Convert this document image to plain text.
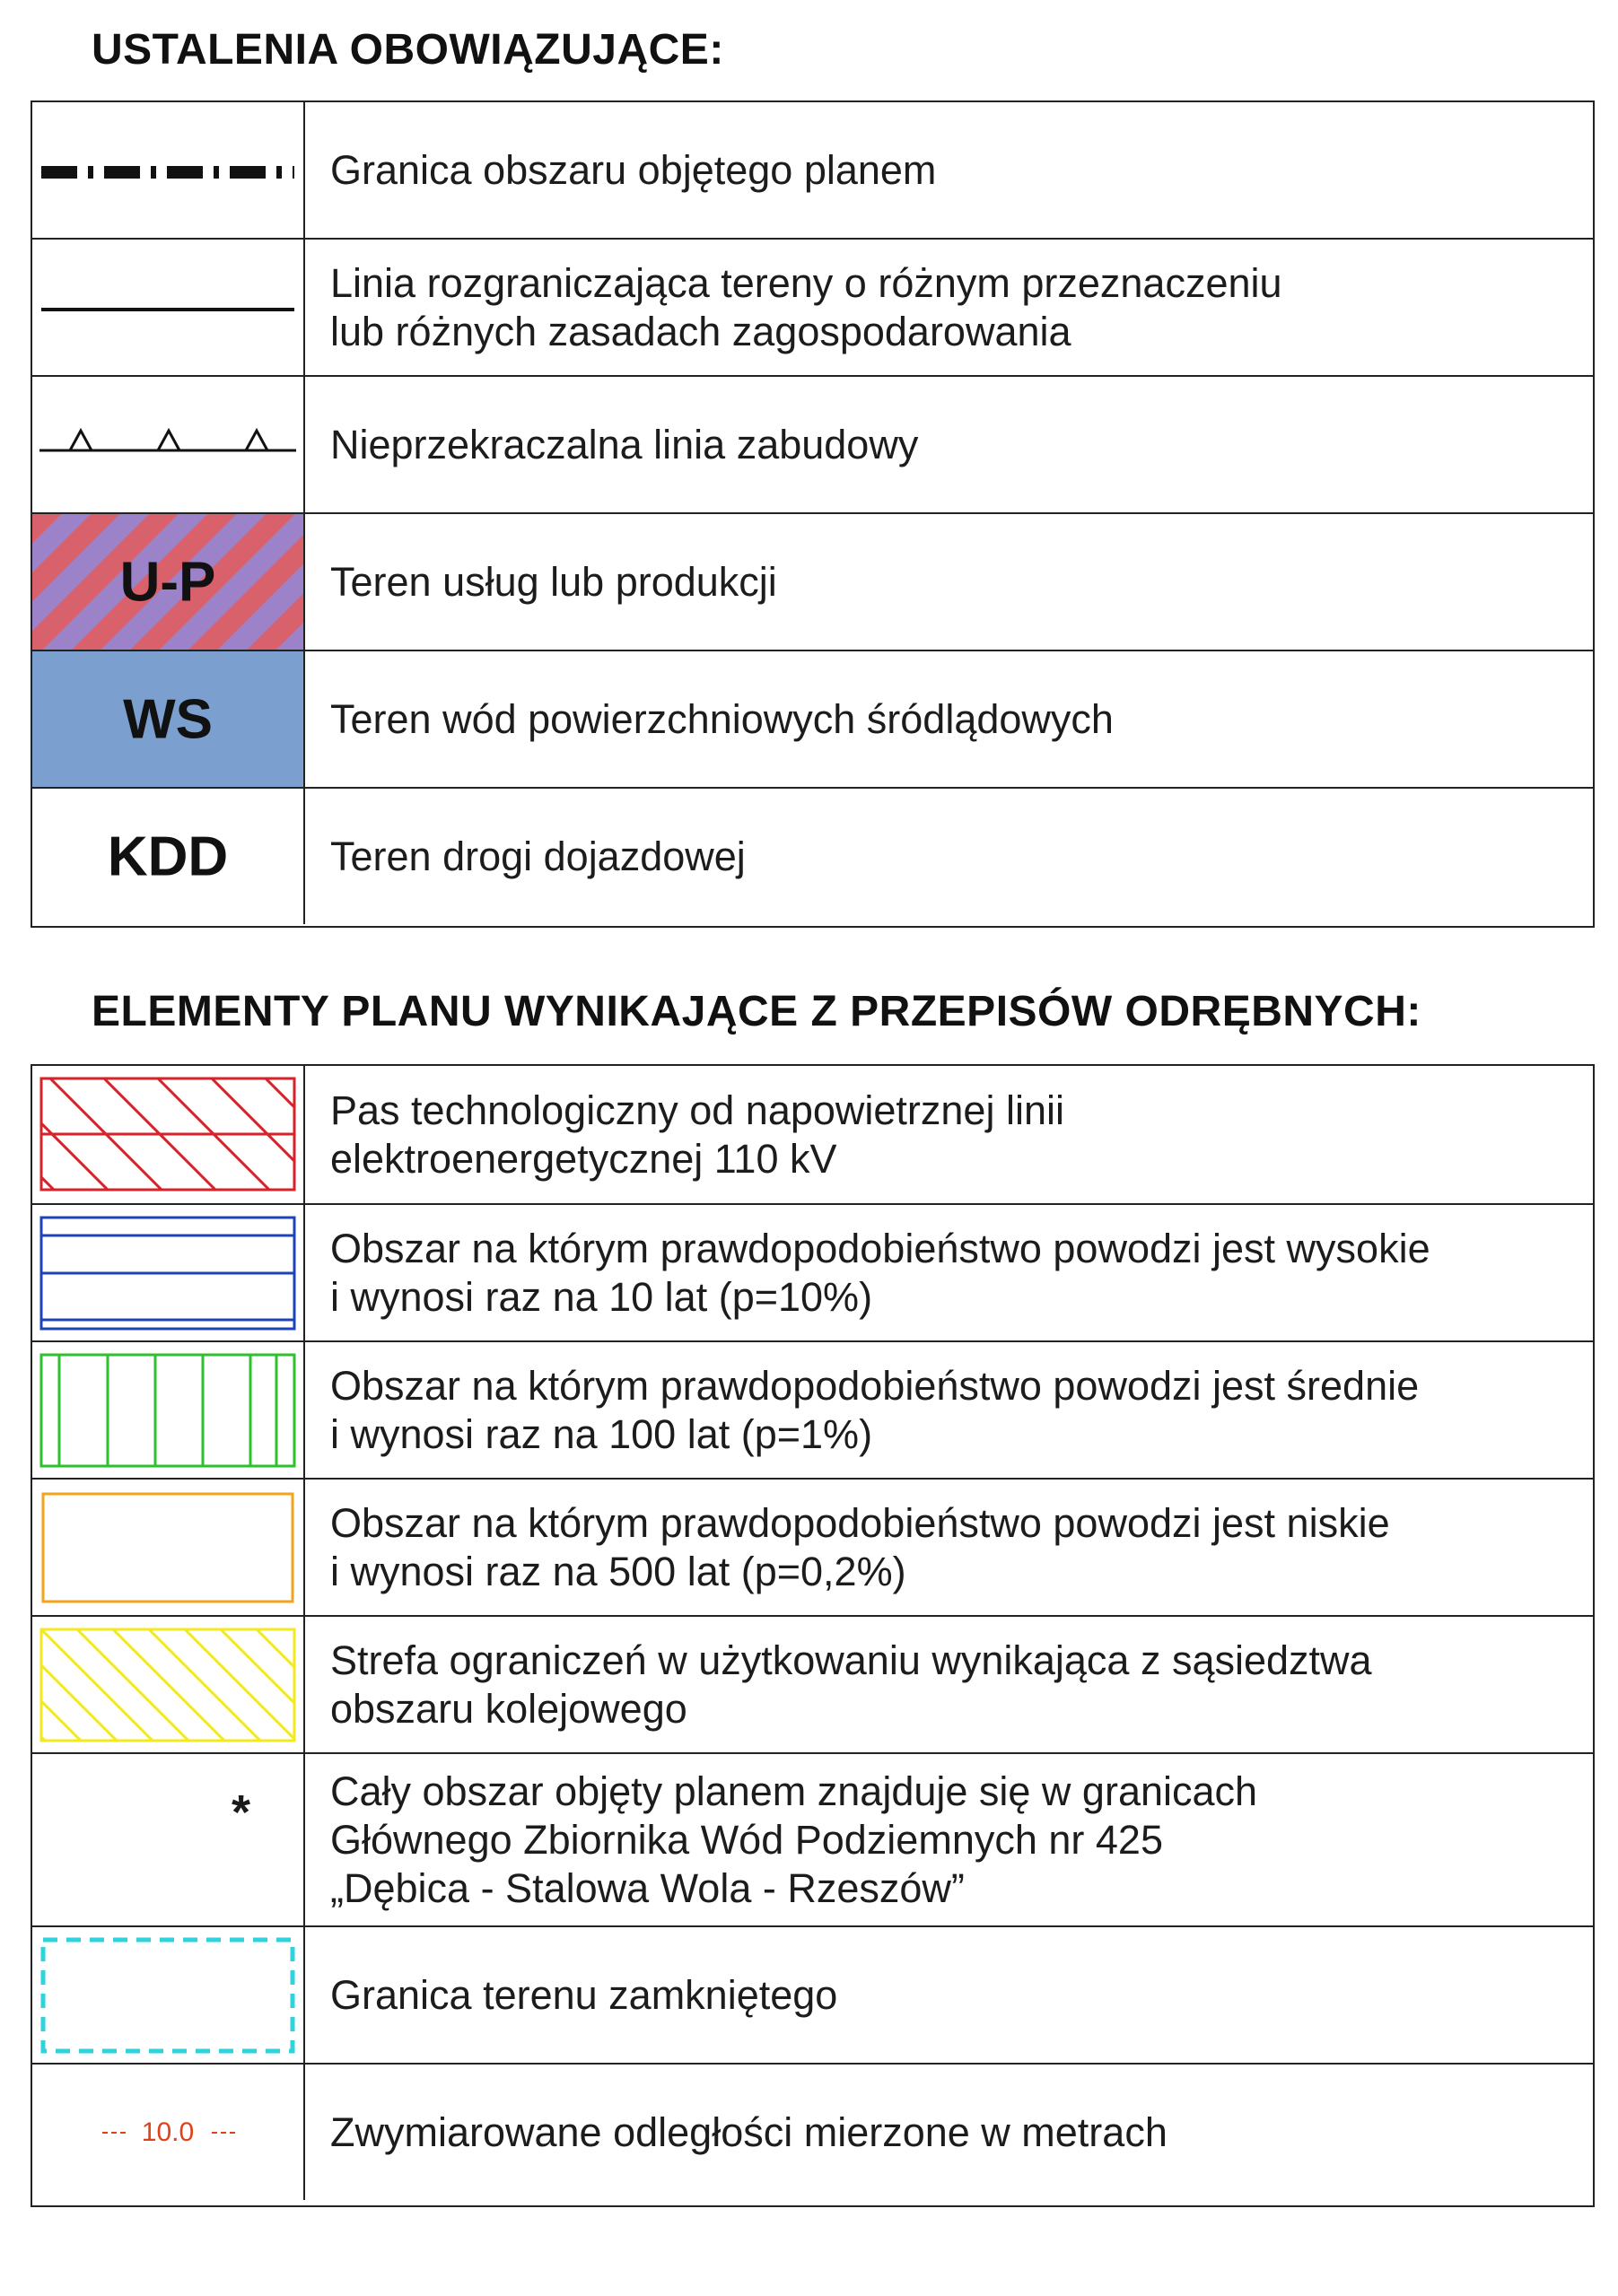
USTALENIA OBOWIĄZUJĄCE:
Granica obszaru objętego planem
Linia rozgraniczająca tereny o różnym przeznaczeniu
lub różnych zasadach zagospodarowania
Nieprzekraczalna linia zabudowy
U-P	Teren usług lub produkcji
WS	Teren wód powierzchniowych śródlądowych
KDD	Teren drogi dojazdowej
ELEMENTY PLANU WYNIKAJĄCE Z PRZEPISÓW ODRĘBNYCH:
Pas technologiczny od napowietrznej linii
elektroenergetycznej 110 kV
Obszar na którym prawdopodobieństwo powodzi jest wysokie
i wynosi raz na 10 lat (p=10%)
Obszar na którym prawdopodobieństwo powodzi jest średnie
i wynosi raz na 100 lat (p=1%)
Obszar na którym prawdopodobieństwo powodzi jest niskie
i wynosi raz na 500 lat (p=0,2%)
Strefa ograniczeń w użytkowaniu wynikająca z sąsiedztwa
obszaru kolejowego
* Cały obszar objęty planem znajduje się w granicach
Głównego Zbiornika Wód Podziemnych nr 425
„Dębica - Stalowa Wola - Rzeszów”
Granica terenu zamkniętego
10.0	Zwymiarowane odległości mierzone w metrach
